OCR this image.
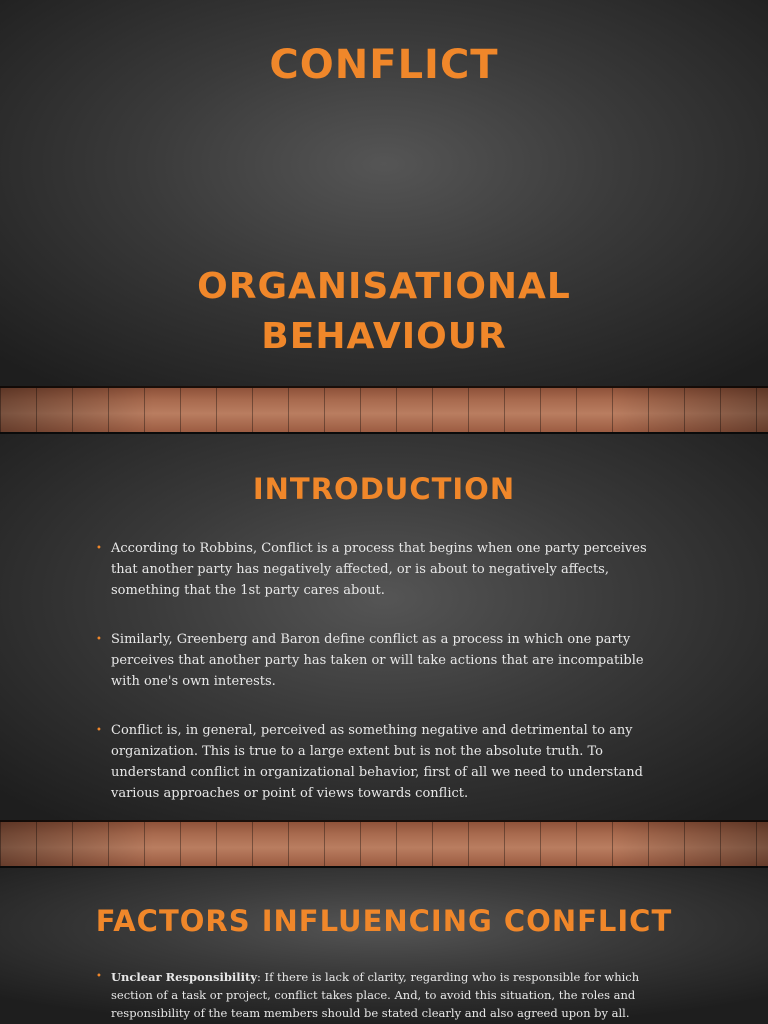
CONFLICT
ORGANISATIONAL
BEHAVIOUR
INTRODUCTION
• According to Robbins, Conflict is a process that begins when one party perceives that another party has negatively affected, or is about to negatively affects, something that the 1st party cares about.
• Similarly, Greenberg and Baron define conflict as a process in which one party perceives that another party has taken or will take actions that are incompatible with one's own interests.
• Conflict is, in general, perceived as something negative and detrimental to any organization. This is true to a large extent but is not the absolute truth. To understand conflict in organizational behavior, first of all we need to understand various approaches or point of views towards conflict.
FACTORS INFLUENCING CONFLICT
• Unclear Responsibility: If there is lack of clarity, regarding who is responsible for which section of a task or project, conflict takes place. And, to avoid this situation, the roles and responsibility of the team members should be stated clearly and also agreed upon by all.
